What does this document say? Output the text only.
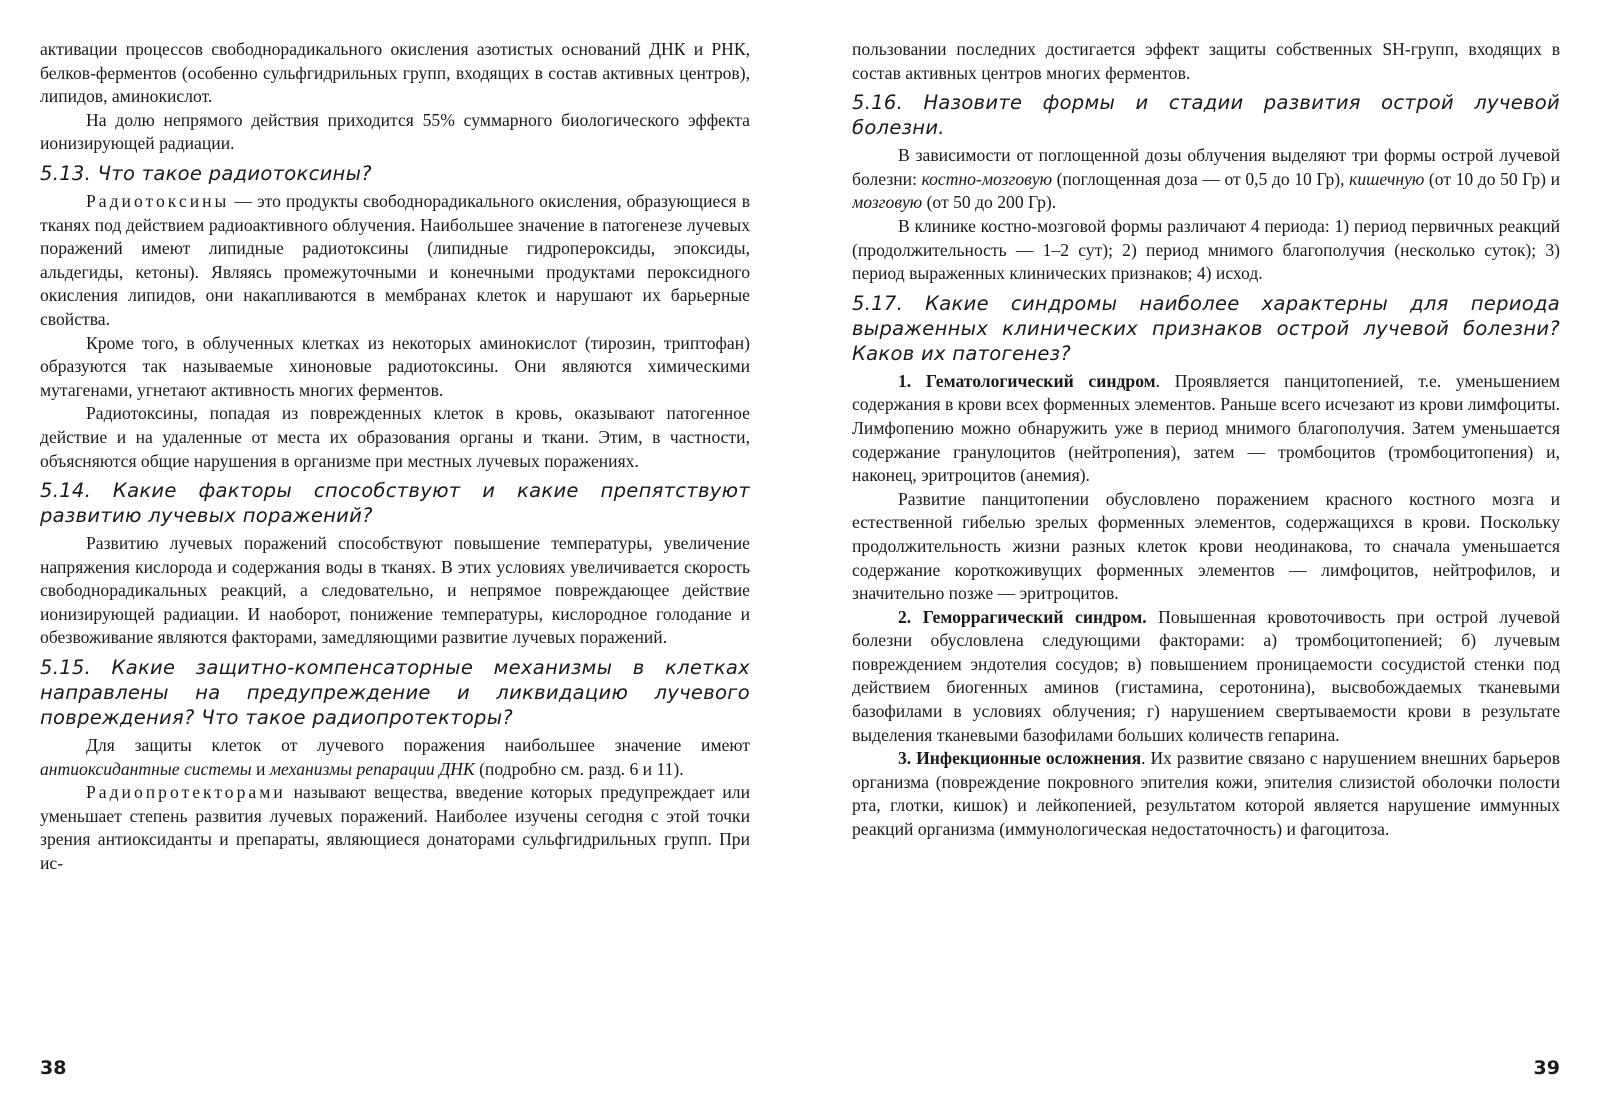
активации процессов свободнорадикального окисления азотистых оснований ДНК и РНК, белков-ферментов (особенно сульфгидрильных групп, входящих в состав активных центров), липидов, аминокислот.

На долю непрямого действия приходится 55% суммарного биологического эффекта ионизирующей радиации.

5.13. Что такое радиотоксины?

Радиотоксины — это продукты свободнорадикального окисления, образующиеся в тканях под действием радиоактивного облучения. Наибольшее значение в патогенезе лучевых поражений имеют липидные радиотоксины (липидные гидропероксиды, эпоксиды, альдегиды, кетоны). Являясь промежуточными и конечными продуктами пероксидного окисления липидов, они накапливаются в мембранах клеток и нарушают их барьерные свойства.

Кроме того, в облученных клетках из некоторых аминокислот (тирозин, триптофан) образуются так называемые хиноновые радиотоксины. Они являются химическими мутагенами, угнетают активность многих ферментов.

Радиотоксины, попадая из поврежденных клеток в кровь, оказывают патогенное действие и на удаленные от места их образования органы и ткани. Этим, в частности, объясняются общие нарушения в организме при местных лучевых поражениях.

5.14. Какие факторы способствуют и какие препятствуют развитию лучевых поражений?

Развитию лучевых поражений способствуют повышение температуры, увеличение напряжения кислорода и содержания воды в тканях. В этих условиях увеличивается скорость свободнорадикальных реакций, а следовательно, и непрямое повреждающее действие ионизирующей радиации. И наоборот, понижение температуры, кислородное голодание и обезвоживание являются факторами, замедляющими развитие лучевых поражений.

5.15. Какие защитно-компенсаторные механизмы в клетках направлены на предупреждение и ликвидацию лучевого повреждения? Что такое радиопротекторы?

Для защиты клеток от лучевого поражения наибольшее значение имеют антиоксидантные системы и механизмы репарации ДНК (подробно см. разд. 6 и 11).

Радиопротекторами называют вещества, введение которых предупреждает или уменьшает степень развития лучевых поражений. Наиболее изучены сегодня с этой точки зрения антиоксиданты и препараты, являющиеся донаторами сульфгидрильных групп. При ис-

38

пользовании последних достигается эффект защиты собственных SH-групп, входящих в состав активных центров многих ферментов.

5.16. Назовите формы и стадии развития острой лучевой болезни.

В зависимости от поглощенной дозы облучения выделяют три формы острой лучевой болезни: костно-мозговую (поглощенная доза — от 0,5 до 10 Гр), кишечную (от 10 до 50 Гр) и мозговую (от 50 до 200 Гр).

В клинике костно-мозговой формы различают 4 периода: 1) период первичных реакций (продолжительность — 1–2 сут); 2) период мнимого благополучия (несколько суток); 3) период выраженных клинических признаков; 4) исход.

5.17. Какие синдромы наиболее характерны для периода выраженных клинических признаков острой лучевой болезни? Каков их патогенез?

1. Гематологический синдром. Проявляется панцитопенией, т.е. уменьшением содержания в крови всех форменных элементов. Раньше всего исчезают из крови лимфоциты. Лимфопению можно обнаружить уже в период мнимого благополучия. Затем уменьшается содержание гранулоцитов (нейтропения), затем — тромбоцитов (тромбоцитопения) и, наконец, эритроцитов (анемия).

Развитие панцитопении обусловлено поражением красного костного мозга и естественной гибелью зрелых форменных элементов, содержащихся в крови. Поскольку продолжительность жизни разных клеток крови неодинакова, то сначала уменьшается содержание короткоживущих форменных элементов — лимфоцитов, нейтрофилов, и значительно позже — эритроцитов.

2. Геморрагический синдром. Повышенная кровоточивость при острой лучевой болезни обусловлена следующими факторами: а) тромбоцитопенией; б) лучевым повреждением эндотелия сосудов; в) повышением проницаемости сосудистой стенки под действием биогенных аминов (гистамина, серотонина), высвобождаемых тканевыми базофилами в условиях облучения; г) нарушением свертываемости крови в результате выделения тканевыми базофилами больших количеств гепарина.

3. Инфекционные осложнения. Их развитие связано с нарушением внешних барьеров организма (повреждение покровного эпителия кожи, эпителия слизистой оболочки полости рта, глотки, кишок) и лейкопенией, результатом которой является нарушение иммунных реакций организма (иммунологическая недостаточность) и фагоцитоза.

39
